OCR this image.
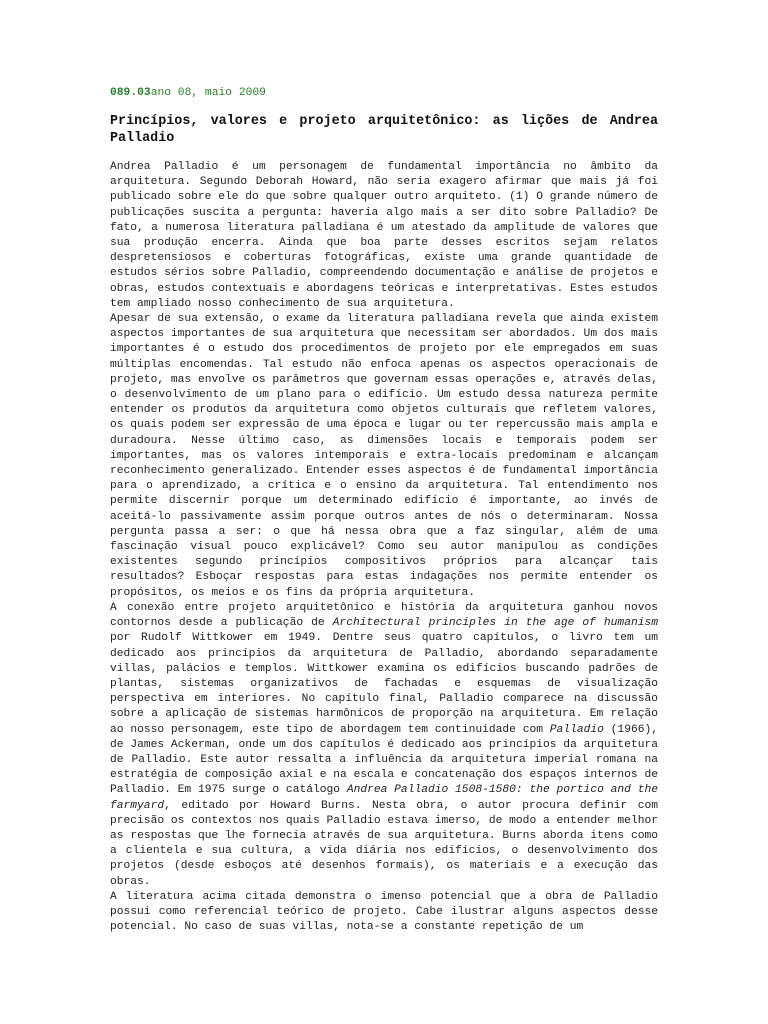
089.03ano 08, maio 2009
Princípios, valores e projeto arquitetônico: as lições de Andrea Palladio

Andrea Palladio é um personagem de fundamental importância no âmbito da arquitetura. Segundo Deborah Howard, não seria exagero afirmar que mais já foi publicado sobre ele do que sobre qualquer outro arquiteto. (1) O grande número de publicações suscita a pergunta: haveria algo mais a ser dito sobre Palladio? De fato, a numerosa literatura palladiana é um atestado da amplitude de valores que sua produção encerra. Ainda que boa parte desses escritos sejam relatos despretensiosos e coberturas fotográficas, existe uma grande quantidade de estudos sérios sobre Palladio, compreendendo documentação e análise de projetos e obras, estudos contextuais e abordagens teóricas e interpretativas. Estes estudos tem ampliado nosso conhecimento de sua arquitetura.

Apesar de sua extensão, o exame da literatura palladiana revela que ainda existem aspectos importantes de sua arquitetura que necessitam ser abordados. Um dos mais importantes é o estudo dos procedimentos de projeto por ele empregados em suas múltiplas encomendas. Tal estudo não enfoca apenas os aspectos operacionais de projeto, mas envolve os parâmetros que governam essas operações e, através delas, o desenvolvimento de um plano para o edifício. Um estudo dessa natureza permite entender os produtos da arquitetura como objetos culturais que refletem valores, os quais podem ser expressão de uma época e lugar ou ter repercussão mais ampla e duradoura. Nesse último caso, as dimensões locais e temporais podem ser importantes, mas os valores intemporais e extra-locais predominam e alcançam reconhecimento generalizado. Entender esses aspectos é de fundamental importância para o aprendizado, a crítica e o ensino da arquitetura. Tal entendimento nos permite discernir porque um determinado edifício é importante, ao invés de aceitá-lo passivamente assim porque outros antes de nós o determinaram. Nossa pergunta passa a ser: o que há nessa obra que a faz singular, além de uma fascinação visual pouco explicável? Como seu autor manipulou as condições existentes segundo princípios compositivos próprios para alcançar tais resultados? Esboçar respostas para estas indagações nos permite entender os propósitos, os meios e os fins da própria arquitetura.

A conexão entre projeto arquitetônico e história da arquitetura ganhou novos contornos desde a publicação de Architectural principles in the age of humanism por Rudolf Wittkower em 1949. Dentre seus quatro capítulos, o livro tem um dedicado aos princípios da arquitetura de Palladio, abordando separadamente villas, palácios e templos. Wittkower examina os edifícios buscando padrões de plantas, sistemas organizativos de fachadas e esquemas de visualização perspectiva em interiores. No capítulo final, Palladio comparece na discussão sobre a aplicação de sistemas harmônicos de proporção na arquitetura. Em relação ao nosso personagem, este tipo de abordagem tem continuidade com Palladio (1966), de James Ackerman, onde um dos capítulos é dedicado aos princípios da arquitetura de Palladio. Este autor ressalta a influência da arquitetura imperial romana na estratégia de composição axial e na escala e concatenação dos espaços internos de Palladio. Em 1975 surge o catálogo Andrea Palladio 1508-1580: the portico and the farmyard, editado por Howard Burns. Nesta obra, o autor procura definir com precisão os contextos nos quais Palladio estava imerso, de modo a entender melhor as respostas que lhe fornecia através de sua arquitetura. Burns aborda itens como a clientela e sua cultura, a vida diária nos edifícios, o desenvolvimento dos projetos (desde esboços até desenhos formais), os materiais e a execução das obras.

A literatura acima citada demonstra o imenso potencial que a obra de Palladio possui como referencial teórico de projeto. Cabe ilustrar alguns aspectos desse potencial. No caso de suas villas, nota-se a constante repetição de um
